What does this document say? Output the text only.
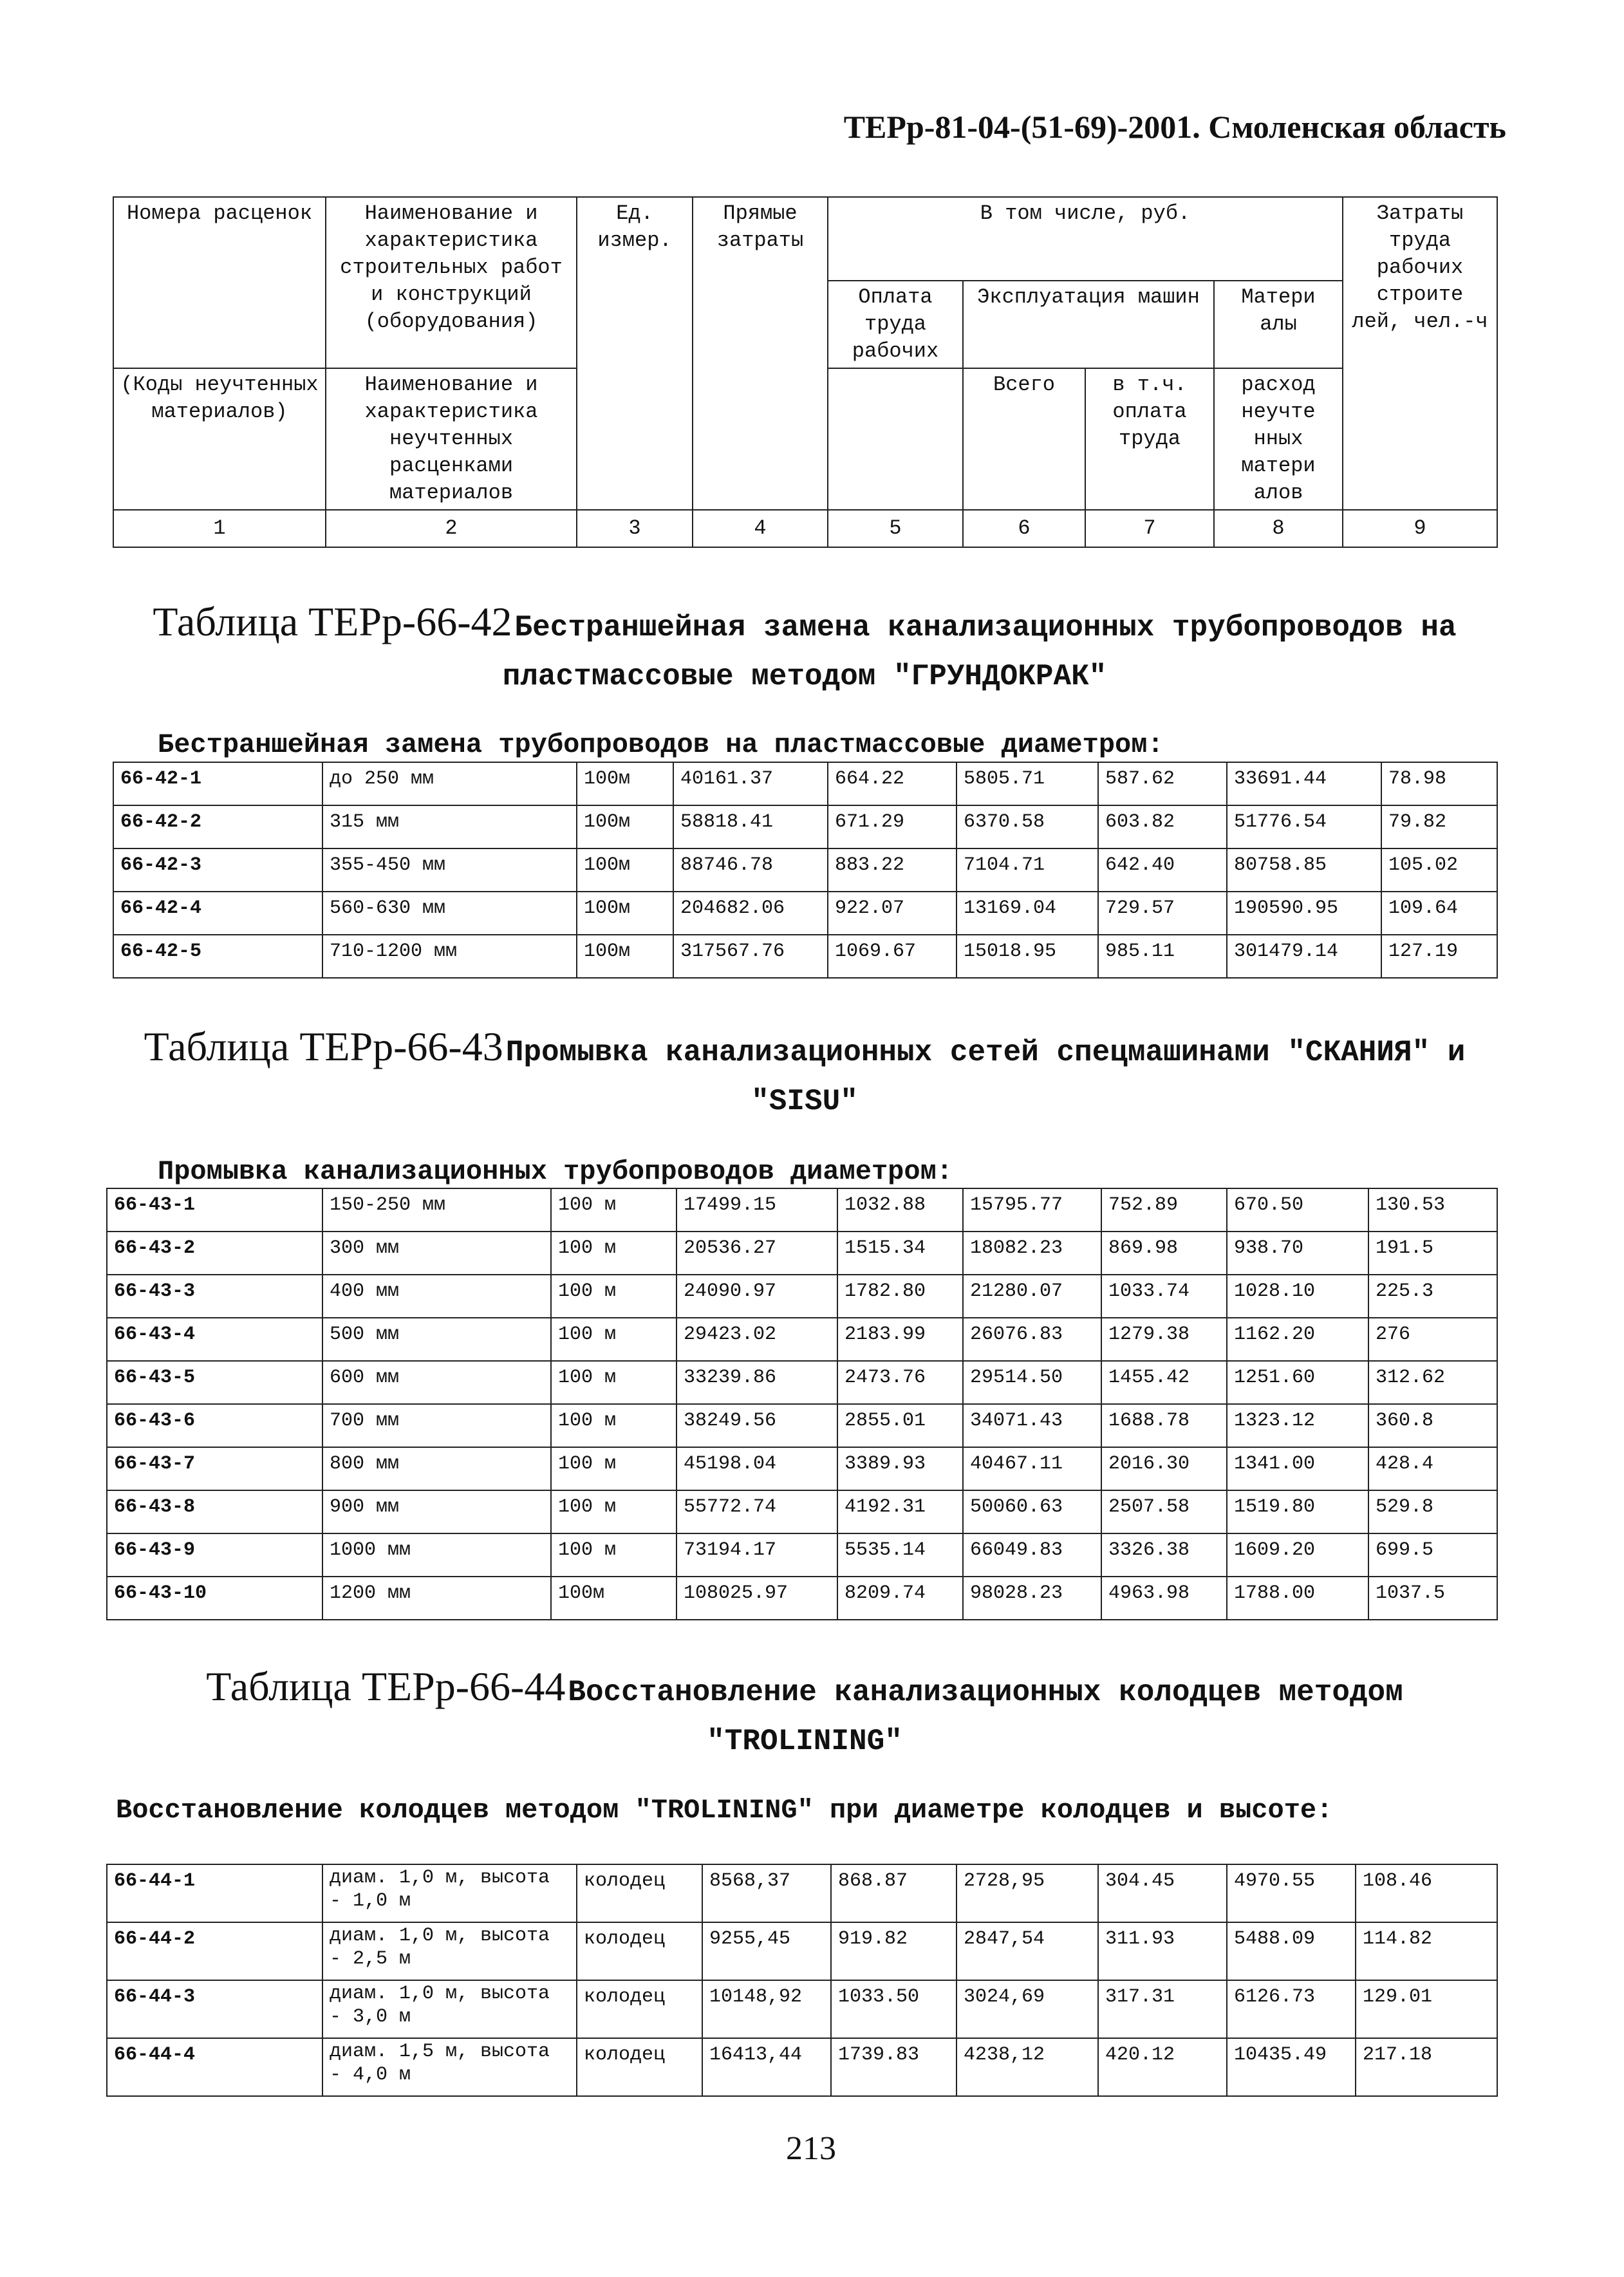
ТЕРр-81-04-(51-69)-2001. Смоленская область
Номера расценок	Наименование и характеристика строительных работ и конструкций (оборудования)	Ед. измер.	Прямые затраты	В том числе, руб.				Затраты труда рабочих строите лей, чел.-ч
				Оплата труда рабочих	Эксплуатация машин		Матери алы	
(Коды неучтенных материалов)	Наименование и характеристика неучтенных расценками материалов				Всего	в т.ч. оплата труда	расход неучте нных матери алов	

1	2	3	4	5	6	7	8	9
Таблица ТЕРр-66-42 Бестраншейная замена канализационных трубопроводов на пластмассовые методом "ГРУНДОКРАК"
Бестраншейная замена трубопроводов на пластмассовые диаметром:
66-42-1	до 250 мм	100м	40161.37	664.22	5805.71	587.62	33691.44	78.98
66-42-2	315 мм	100м	58818.41	671.29	6370.58	603.82	51776.54	79.82
66-42-3	355-450 мм	100м	88746.78	883.22	7104.71	642.40	80758.85	105.02
66-42-4	560-630 мм	100м	204682.06	922.07	13169.04	729.57	190590.95	109.64
66-42-5	710-1200 мм	100м	317567.76	1069.67	15018.95	985.11	301479.14	127.19
Таблица ТЕРр-66-43 Промывка канализационных сетей спецмашинами "СКАНИЯ" и "SISU"
Промывка канализационных трубопроводов диаметром:
66-43-1	150-250 мм	100 м	17499.15	1032.88	15795.77	752.89	670.50	130.53
66-43-2	300 мм	100 м	20536.27	1515.34	18082.23	869.98	938.70	191.5
66-43-3	400 мм	100 м	24090.97	1782.80	21280.07	1033.74	1028.10	225.3
66-43-4	500 мм	100 м	29423.02	2183.99	26076.83	1279.38	1162.20	276
66-43-5	600 мм	100 м	33239.86	2473.76	29514.50	1455.42	1251.60	312.62
66-43-6	700 мм	100 м	38249.56	2855.01	34071.43	1688.78	1323.12	360.8
66-43-7	800 мм	100 м	45198.04	3389.93	40467.11	2016.30	1341.00	428.4
66-43-8	900 мм	100 м	55772.74	4192.31	50060.63	2507.58	1519.80	529.8
66-43-9	1000 мм	100 м	73194.17	5535.14	66049.83	3326.38	1609.20	699.5
66-43-10	1200 мм	100м	108025.97	8209.74	98028.23	4963.98	1788.00	1037.5
Таблица ТЕРр-66-44 Восстановление канализационных колодцев методом "TROLINING"
Восстановление колодцев методом "TROLINING" при диаметре колодцев и высоте:
66-44-1	диам. 1,0 м, высота - 1,0 м	колодец	8568,37	868.87	2728,95	304.45	4970.55	108.46
66-44-2	диам. 1,0 м, высота - 2,5 м	колодец	9255,45	919.82	2847,54	311.93	5488.09	114.82
66-44-3	диам. 1,0 м, высота - 3,0 м	колодец	10148,92	1033.50	3024,69	317.31	6126.73	129.01
66-44-4	диам. 1,5 м, высота - 4,0 м	колодец	16413,44	1739.83	4238,12	420.12	10435.49	217.18
213
